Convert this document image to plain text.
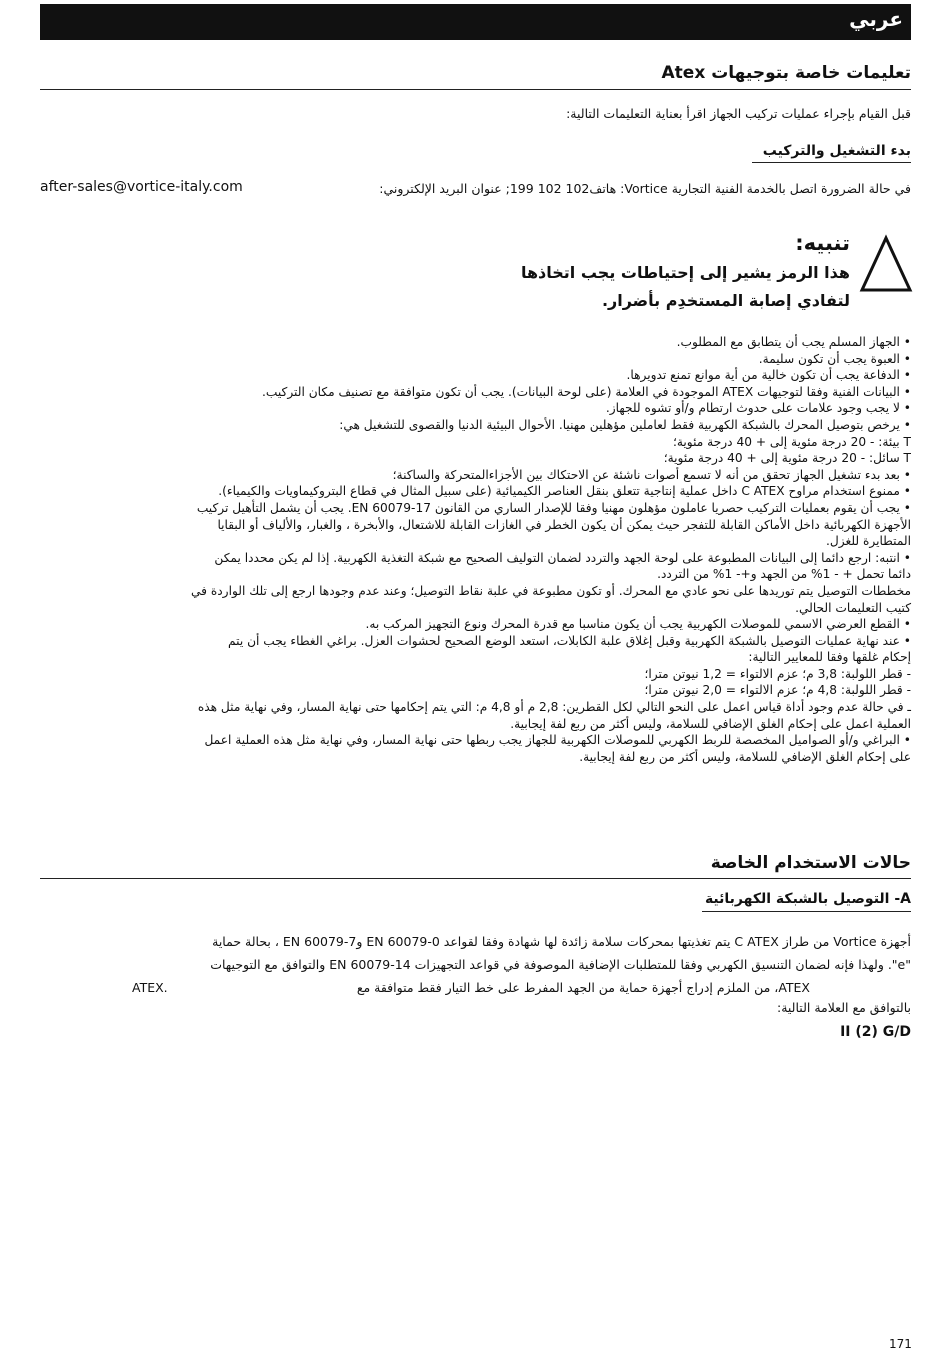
عربي
تعليمات خاصة بتوجيهات Atex
قبل القيام بإجراء عمليات تركيب الجهاز اقرأ بعناية التعليمات التالية:
بدء التشغيل والتركيب
في حالة الضرورة اتصل بالخدمة الفنية التجارية Vortice: هاتف102 102 199; عنوان البريد الإلكتروني:
after-sales@vortice-italy.com
تنبيه:
هذا الرمز يشير إلى إحتياطات يجب اتخاذها
لتفادي إصابة المستخدِم بأضرار.
• الجهاز المسلم يجب أن يتطابق مع المطلوب.
• العبوة يجب أن تكون سليمة.
• الدفاعة يجب أن تكون خالية من أية موانع تمنع تدويرها.
• البيانات الفنية وفقا لتوجيهات ATEX الموجودة في العلامة (على لوحة البيانات). يجب أن تكون متوافقة مع تصنيف مكان التركيب.
• لا يجب وجود علامات على حدوث ارتطام و/أو تشوه للجهاز.
• يرخص بتوصيل المحرك بالشبكة الكهربية فقط لعاملين مؤهلين مهنيا. الأحوال البيئية الدنيا والقصوى للتشغيل هي:
T بيئة: - 20 درجة مئوية إلى + 40 درجة مئوية؛
T سائل: - 20 درجة مئوية إلى + 40 درجة مئوية؛
• بعد بدء تشغيل الجهاز تحقق من أنه لا تسمع أصوات ناشئة عن الاحتكاك بين الأجزاءالمتحركة والساكنة؛
• ممنوع استخدام مراوح C ATEX داخل عملية إنتاجية تتعلق بنقل العناصر الكيميائية (على سبيل المثال في قطاع البتروكيماويات والكيمياء).
• يجب أن يقوم بعمليات التركيب حصريا عاملون مؤهلون مهنيا وفقا للإصدار الساري من القانون EN 60079-17. يجب أن يشمل التأهيل تركيب
الأجهزة الكهربائية داخل الأماكن القابلة للتفجر حيث يمكن أن يكون الخطر في الغازات القابلة للاشتعال، والأبخرة ، والغبار، والألياف أو البقايا
المتطايرة للغزل.
• انتبه: ارجع دائما إلى البيانات المطبوعة على لوحة الجهد والتردد لضمان التوليف الصحيح مع شبكة التغذية الكهربية. إذا لم يكن محددا يمكن
دائما تحمل + - 1% من الجهد و+- 1% من التردد.
مخططات التوصيل يتم توريدها على نحو عادي مع المحرك. أو تكون مطبوعة في علبة نقاط التوصيل؛ وعند عدم وجودها ارجع إلى تلك الواردة في
كتيب التعليمات الحالي.
• القطع العرضي الاسمي للموصلات الكهربية يجب أن يكون مناسبا مع قدرة المحرك ونوع التجهيز المركب به.
• عند نهاية عمليات التوصيل بالشبكة الكهربية وقبل إغلاق علبة الكابلات، استعد الوضع الصحيح لحشوات العزل. براغي الغطاء يجب أن يتم
إحكام غلقها وفقا للمعايير التالية:
- قطر اللولبة: 3,8 م؛ عزم الالتواء = 1,2 نيوتن مترا؛
- قطر اللولبة: 4,8 م؛ عزم الالتواء = 2,0 نيوتن مترا؛
ـ في حالة عدم وجود أداة قياس اعمل على النحو التالي لكل القطرين: 2,8 م أو 4,8 م: التي يتم إحكامها حتى نهاية المسار، وفي نهاية مثل هذه
العملية اعمل على إحكام الغلق الإضافي للسلامة، وليس أكثر من ربع لفة إيجابية.
• البراغي و/أو الصواميل المخصصة للربط الكهربي للموصلات الكهربية للجهاز يجب ربطها حتى نهاية المسار، وفي نهاية مثل هذه العملية اعمل
على إحكام الغلق الإضافي للسلامة، وليس أكثر من ربع لفة إيجابية.
حالات الاستخدام الخاصة
A- التوصيل بالشبكة الكهربائية
أجهزة Vortice من طراز C ATEX يتم تغذيتها بمحركات سلامة زائدة لها شهادة وفقا لقواعد EN 60079-0 وEN 60079-7 ، بحالة حماية
"e". ولهذا فإنه لضمان التنسيق الكهربي وفقا للمتطلبات الإضافية الموصوفة في قواعد التجهيزات EN 60079-14 والتوافق مع التوجيهات
ATEX، من الملزم إدراج أجهزة حماية من الجهد المفرط على خط التيار فقط متوافقة مع
ATEX.
بالتوافق مع العلامة التالية:
II (2) G/D
171
